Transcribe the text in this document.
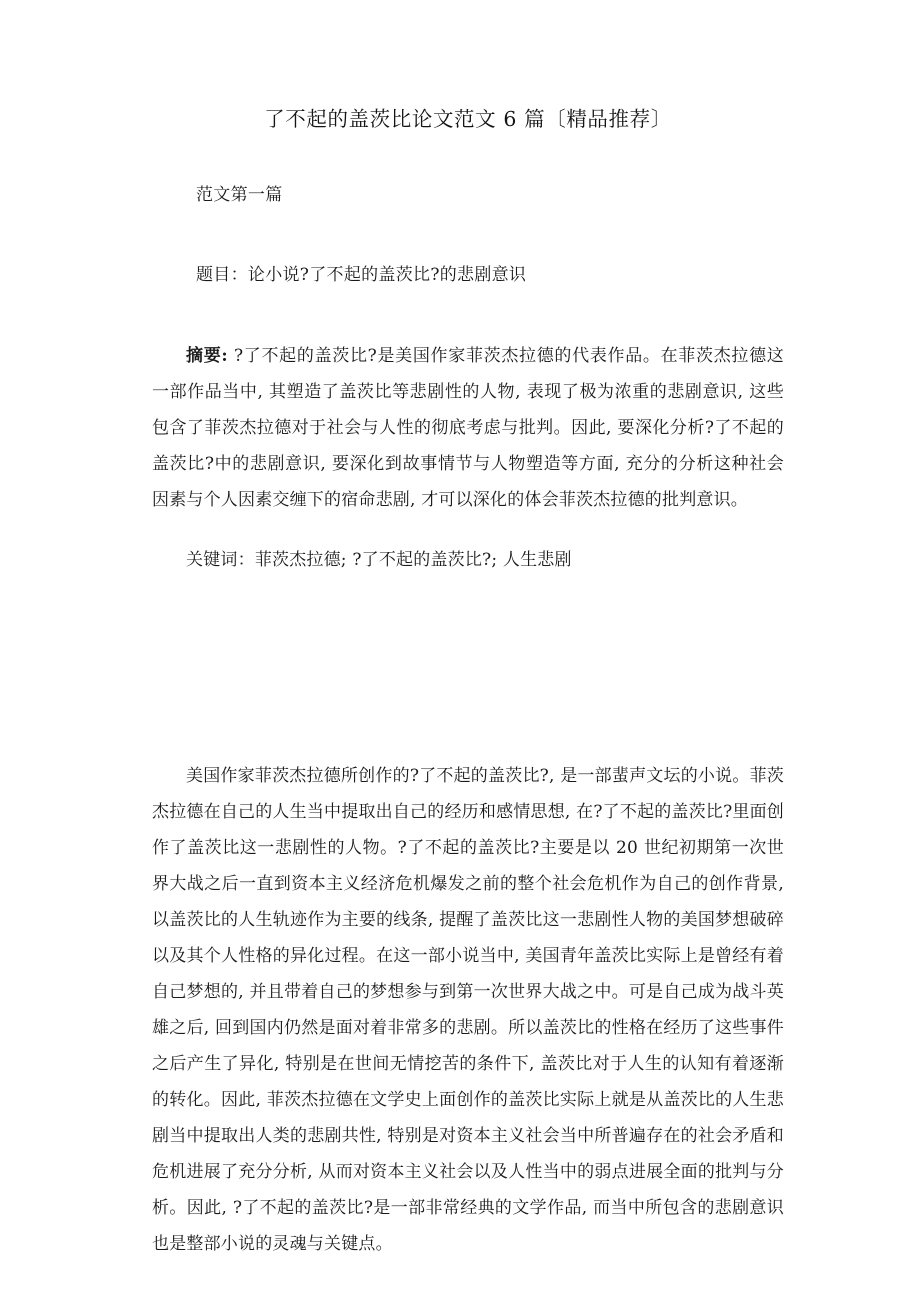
了不起的盖茨比论文范文 6 篇〔精品推荐〕
范文第一篇
题目：论小说?了不起的盖茨比?的悲剧意识

摘要: ?了不起的盖茨比?是美国作家菲茨杰拉德的代表作品。在菲茨杰拉德这一部作品当中, 其塑造了盖茨比等悲剧性的人物, 表现了极为浓重的悲剧意识, 这些包含了菲茨杰拉德对于社会与人性的彻底考虑与批判。因此, 要深化分析?了不起的盖茨比?中的悲剧意识, 要深化到故事情节与人物塑造等方面, 充分的分析这种社会因素与个人因素交缠下的宿命悲剧, 才可以深化的体会菲茨杰拉德的批判意识。

关键词：菲茨杰拉德; ?了不起的盖茨比?; 人生悲剧

美国作家菲茨杰拉德所创作的?了不起的盖茨比?, 是一部蜚声文坛的小说。菲茨杰拉德在自己的人生当中提取出自己的经历和感情思想, 在?了不起的盖茨比?里面创作了盖茨比这一悲剧性的人物。?了不起的盖茨比?主要是以 20 世纪初期第一次世界大战之后一直到资本主义经济危机爆发之前的整个社会危机作为自己的创作背景, 以盖茨比的人生轨迹作为主要的线条, 提醒了盖茨比这一悲剧性人物的美国梦想破碎以及其个人性格的异化过程。在这一部小说当中, 美国青年盖茨比实际上是曾经有着自己梦想的, 并且带着自己的梦想参与到第一次世界大战之中。可是自己成为战斗英雄之后, 回到国内仍然是面对着非常多的悲剧。所以盖茨比的性格在经历了这些事件之后产生了异化, 特别是在世间无情挖苦的条件下, 盖茨比对于人生的认知有着逐渐的转化。因此, 菲茨杰拉德在文学史上面创作的盖茨比实际上就是从盖茨比的人生悲剧当中提取出人类的悲剧共性, 特别是对资本主义社会当中所普遍存在的社会矛盾和危机进展了充分分析, 从而对资本主义社会以及人性当中的弱点进展全面的批判与分析。因此, ?了不起的盖茨比?是一部非常经典的文学作品, 而当中所包含的悲剧意识也是整部小说的灵魂与关键点。
